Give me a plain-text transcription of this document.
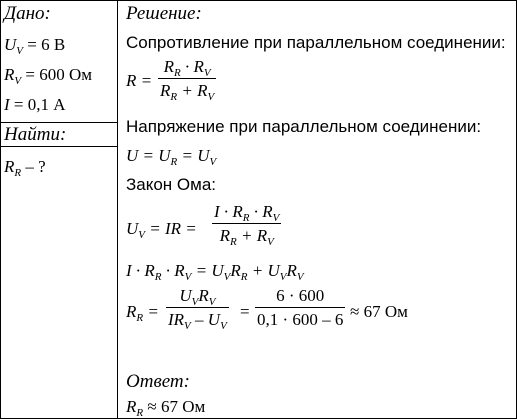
Дано:
$U_V = 6$ В
$R_V = 600$ Ом
I = 0,1 А
Найти:
$R_R$ – ?
Решение:
Сопротивление при параллельном соединении:
R =
$R_R \cdot R_V$
$R_R + R_V$
Напряжение при параллельном соединении:
$U = U_R = U_V$
Закон Ома:
$U_V$ = IR =
$I \cdot R_R \cdot R_V$
$R_R + R_V$
$I \cdot R_R \cdot R_V = U_VR_R + U_VR_V$
$R_R$ =
$U_VR_V$
$IR_V - U_V$
=
6 · 600
0,1 · 600 – 6 ≈ 67 Ом
Ответ:
$R_R \approx 67$ Ом
